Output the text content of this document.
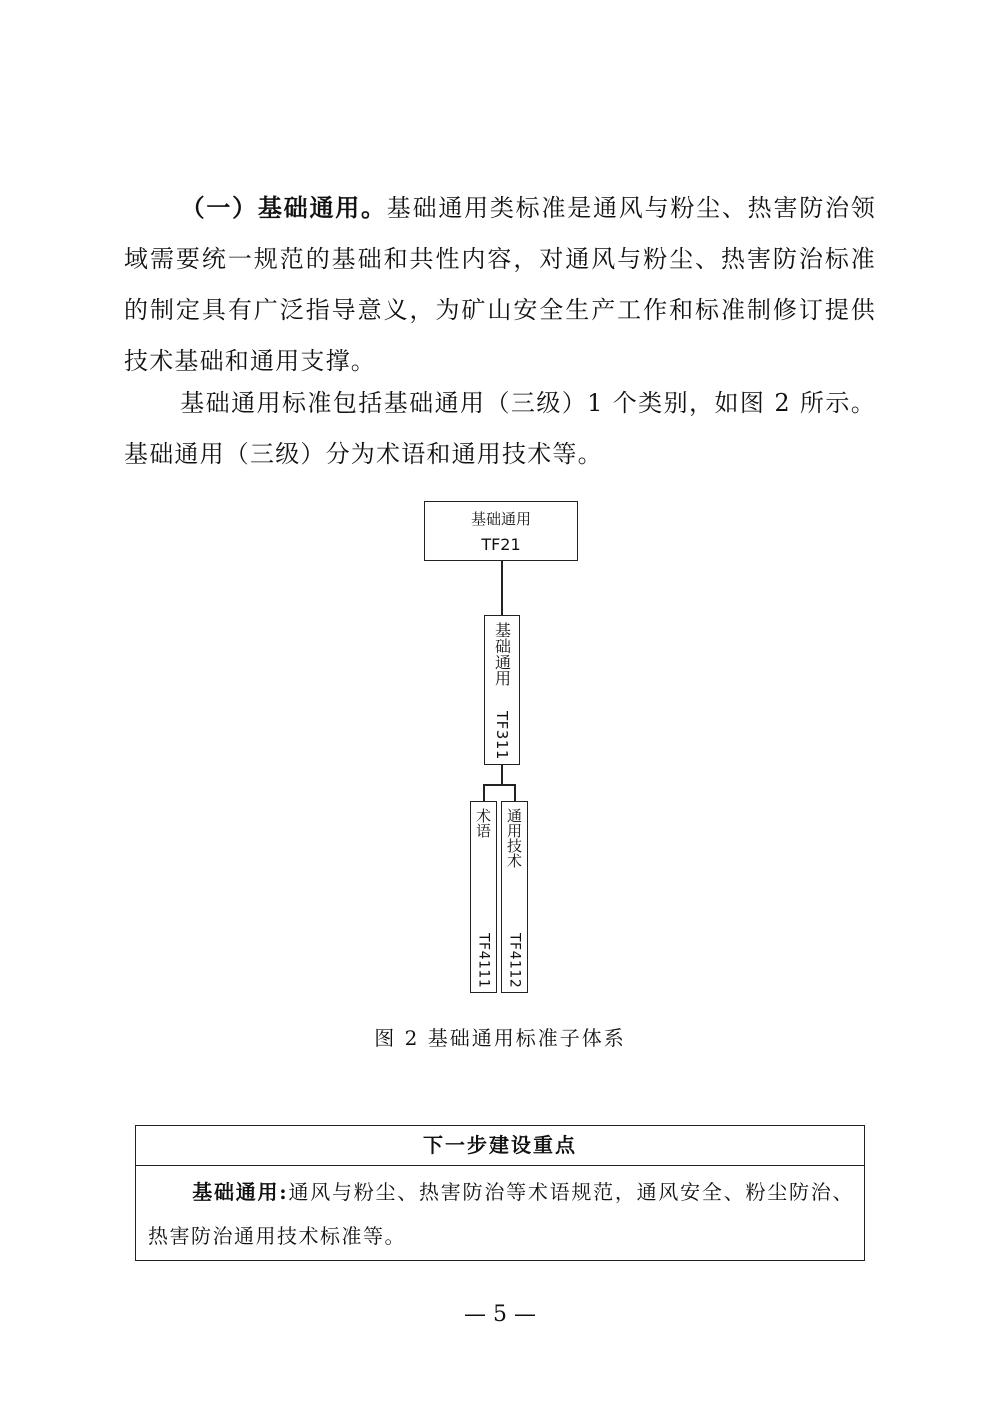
（一）基础通用。基础通用类标准是通风与粉尘、热害防治领域需要统一规范的基础和共性内容，对通风与粉尘、热害防治标准的制定具有广泛指导意义，为矿山安全生产工作和标准制修订提供技术基础和通用支撑。

基础通用标准包括基础通用（三级）1 个类别，如图 2 所示。基础通用（三级）分为术语和通用技术等。

基础通用
TF21
基础通用
TF311
术语
TF4111
通用技术
TF4112
图 2 基础通用标准子体系
下一步建设重点
基础通用:通风与粉尘、热害防治等术语规范，通风安全、粉尘防治、热害防治通用技术标准等。
— 5 —
